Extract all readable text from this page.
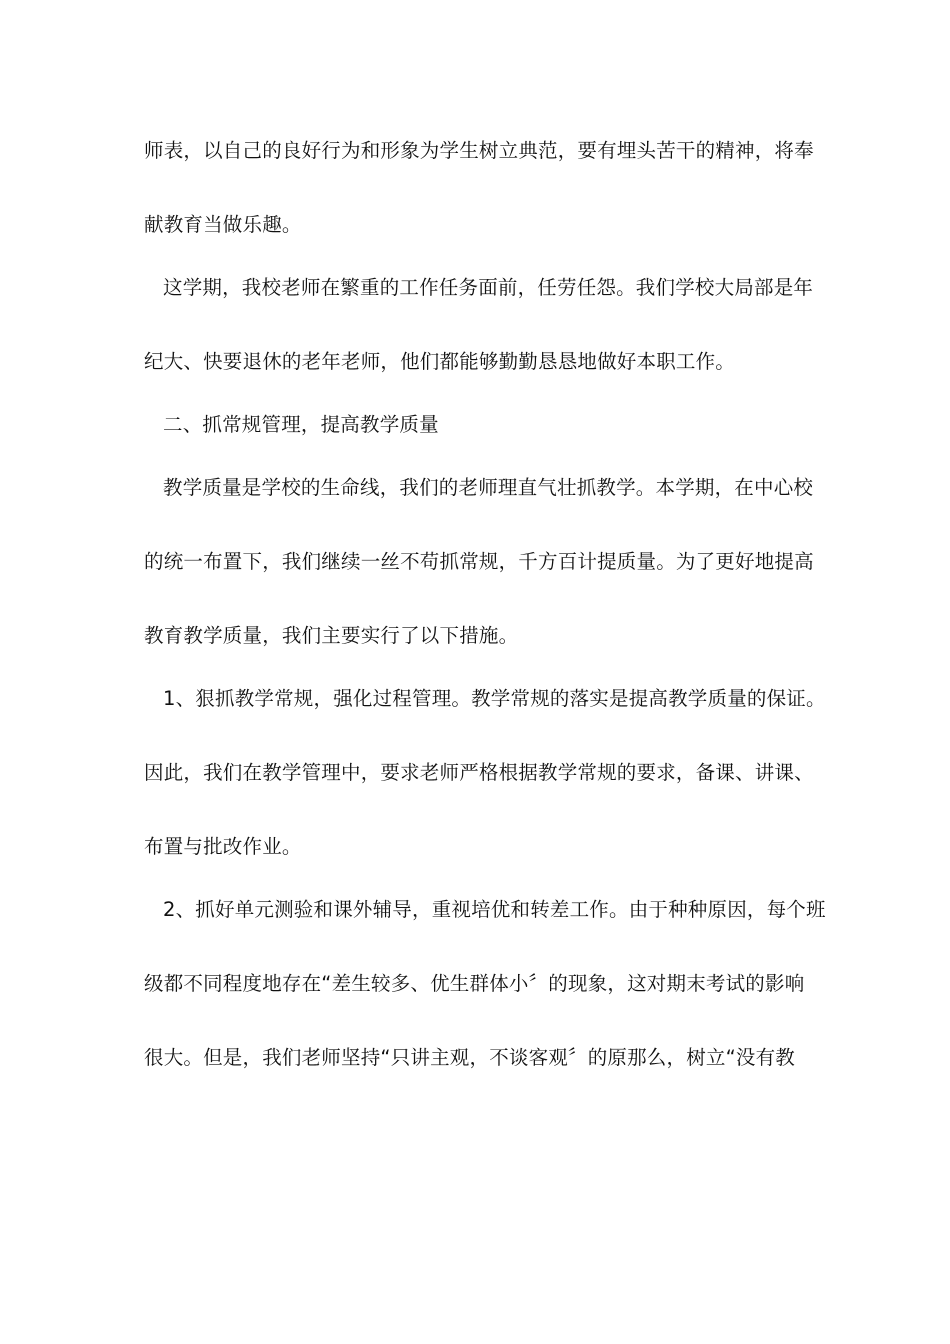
师表，以自己的良好行为和形象为学生树立典范，要有埋头苦干的精神，将奉
献教育当做乐趣。
这学期，我校老师在繁重的工作任务面前，任劳任怨。我们学校大局部是年
纪大、快要退休的老年老师，他们都能够勤勤恳恳地做好本职工作。
二、抓常规管理，提高教学质量
教学质量是学校的生命线，我们的老师理直气壮抓教学。本学期，在中心校
的统一布置下，我们继续一丝不苟抓常规，千方百计提质量。为了更好地提高
教育教学质量，我们主要实行了以下措施。
1、狠抓教学常规，强化过程管理。教学常规的落实是提高教学质量的保证。
因此，我们在教学管理中，要求老师严格根据教学常规的要求，备课、讲课、
布置与批改作业。
2、抓好单元测验和课外辅导，重视培优和转差工作。由于种种原因，每个班
级都不同程度地存在“差生较多、优生群体小〞的现象，这对期末考试的影响
很大。但是，我们老师坚持“只讲主观，不谈客观〞的原那么，树立“没有教
